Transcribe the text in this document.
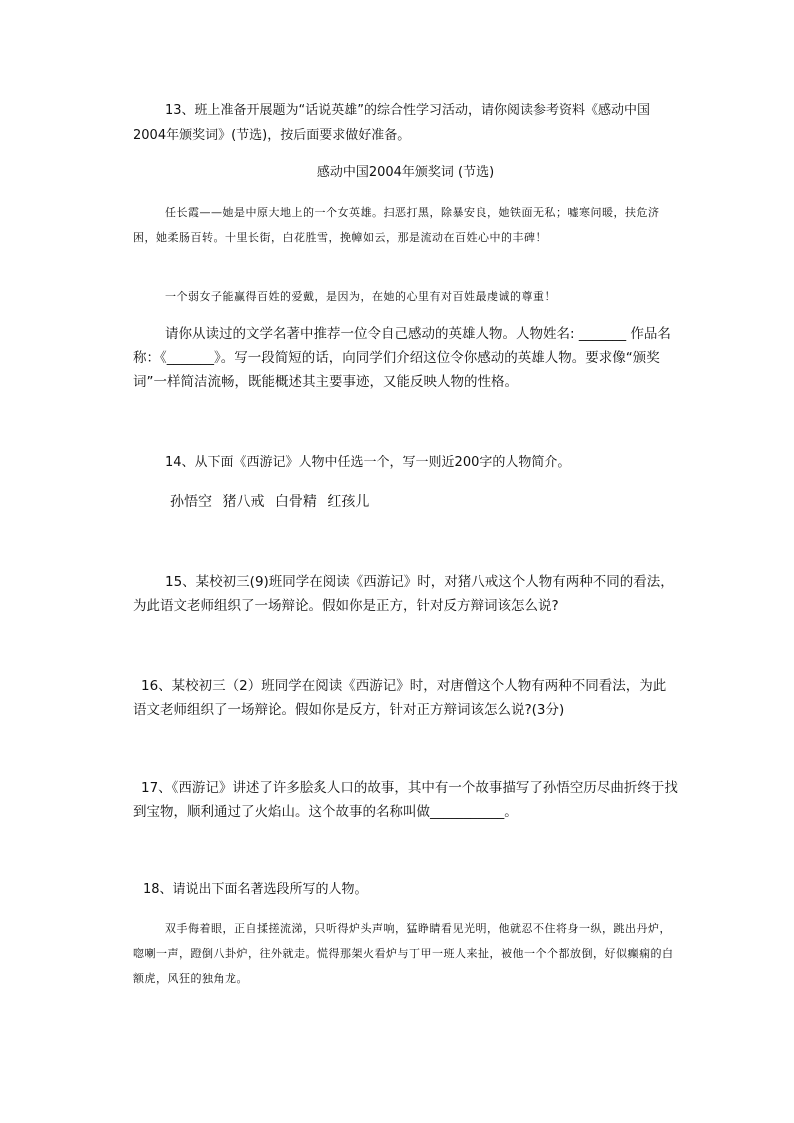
13、班上准备开展题为“话说英雄”的综合性学习活动，请你阅读参考资料《感动中国2004年颁奖词》(节选)，按后面要求做好准备。
感动中国2004年颁奖词 (节选)
任长霞——她是中原大地上的一个女英雄。扫恶打黑，除暴安良，她铁面无私；嘘寒问暖，扶危济困，她柔肠百转。十里长街，白花胜雪，挽幛如云，那是流动在百姓心中的丰碑！
一个弱女子能赢得百姓的爱戴，是因为，在她的心里有对百姓最虔诚的尊重！
请你从读过的文学名著中推荐一位令自己感动的英雄人物。人物姓名: _______ 作品名称：《_______》。写一段简短的话，向同学们介绍这位令你感动的英雄人物。要求像“颁奖词”一样简洁流畅，既能概述其主要事迹，又能反映人物的性格。
14、从下面《西游记》人物中任选一个，写一则近200字的人物简介。
孙悟空 猪八戒 白骨精 红孩儿
15、某校初三(9)班同学在阅读《西游记》时，对猪八戒这个人物有两种不同的看法，为此语文老师组织了一场辩论。假如你是正方，针对反方辩词该怎么说?
16、某校初三（2）班同学在阅读《西游记》时，对唐僧这个人物有两种不同看法，为此语文老师组织了一场辩论。假如你是反方，针对正方辩词该怎么说?(3分)
17、《西游记》讲述了许多脍炙人口的故事，其中有一个故事描写了孙悟空历尽曲折终于找到宝物，顺利通过了火焰山。这个故事的名称叫做___________。
18、请说出下面名著选段所写的人物。
双手侮着眼，正自揉搓流涕，只听得炉头声响，猛睁睛看见光明，他就忍不住将身一纵，跳出丹炉，唿喇一声，蹬倒八卦炉，往外就走。慌得那架火看炉与丁甲一班人来扯，被他一个个都放倒，好似癫痫的白额虎，风狂的独角龙。
